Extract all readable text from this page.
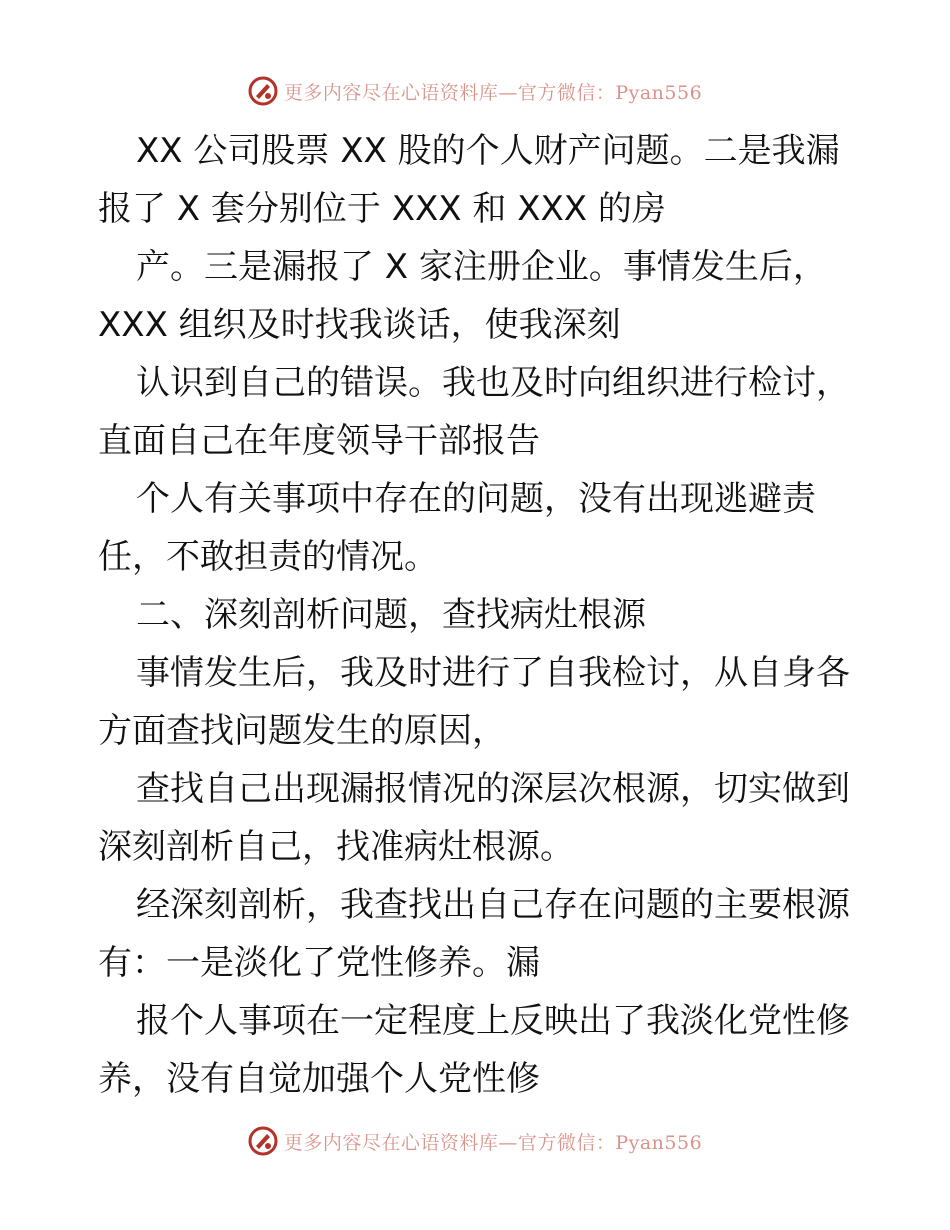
更多内容尽在心语资料库—官方微信：Pyan556
XX 公司股票 XX 股的个人财产问题。二是我漏
报了 X 套分别位于 XXX 和 XXX 的房
产。三是漏报了 X 家注册企业。事情发生后，
XXX 组织及时找我谈话，使我深刻
认识到自己的错误。我也及时向组织进行检讨，
直面自己在年度领导干部报告
个人有关事项中存在的问题，没有出现逃避责
任，不敢担责的情况。
二、深刻剖析问题，查找病灶根源
事情发生后，我及时进行了自我检讨，从自身各
方面查找问题发生的原因，
查找自己出现漏报情况的深层次根源，切实做到
深刻剖析自己，找准病灶根源。
经深刻剖析，我查找出自己存在问题的主要根源
有：一是淡化了党性修养。漏
报个人事项在一定程度上反映出了我淡化党性修
养，没有自觉加强个人党性修
更多内容尽在心语资料库—官方微信：Pyan556
